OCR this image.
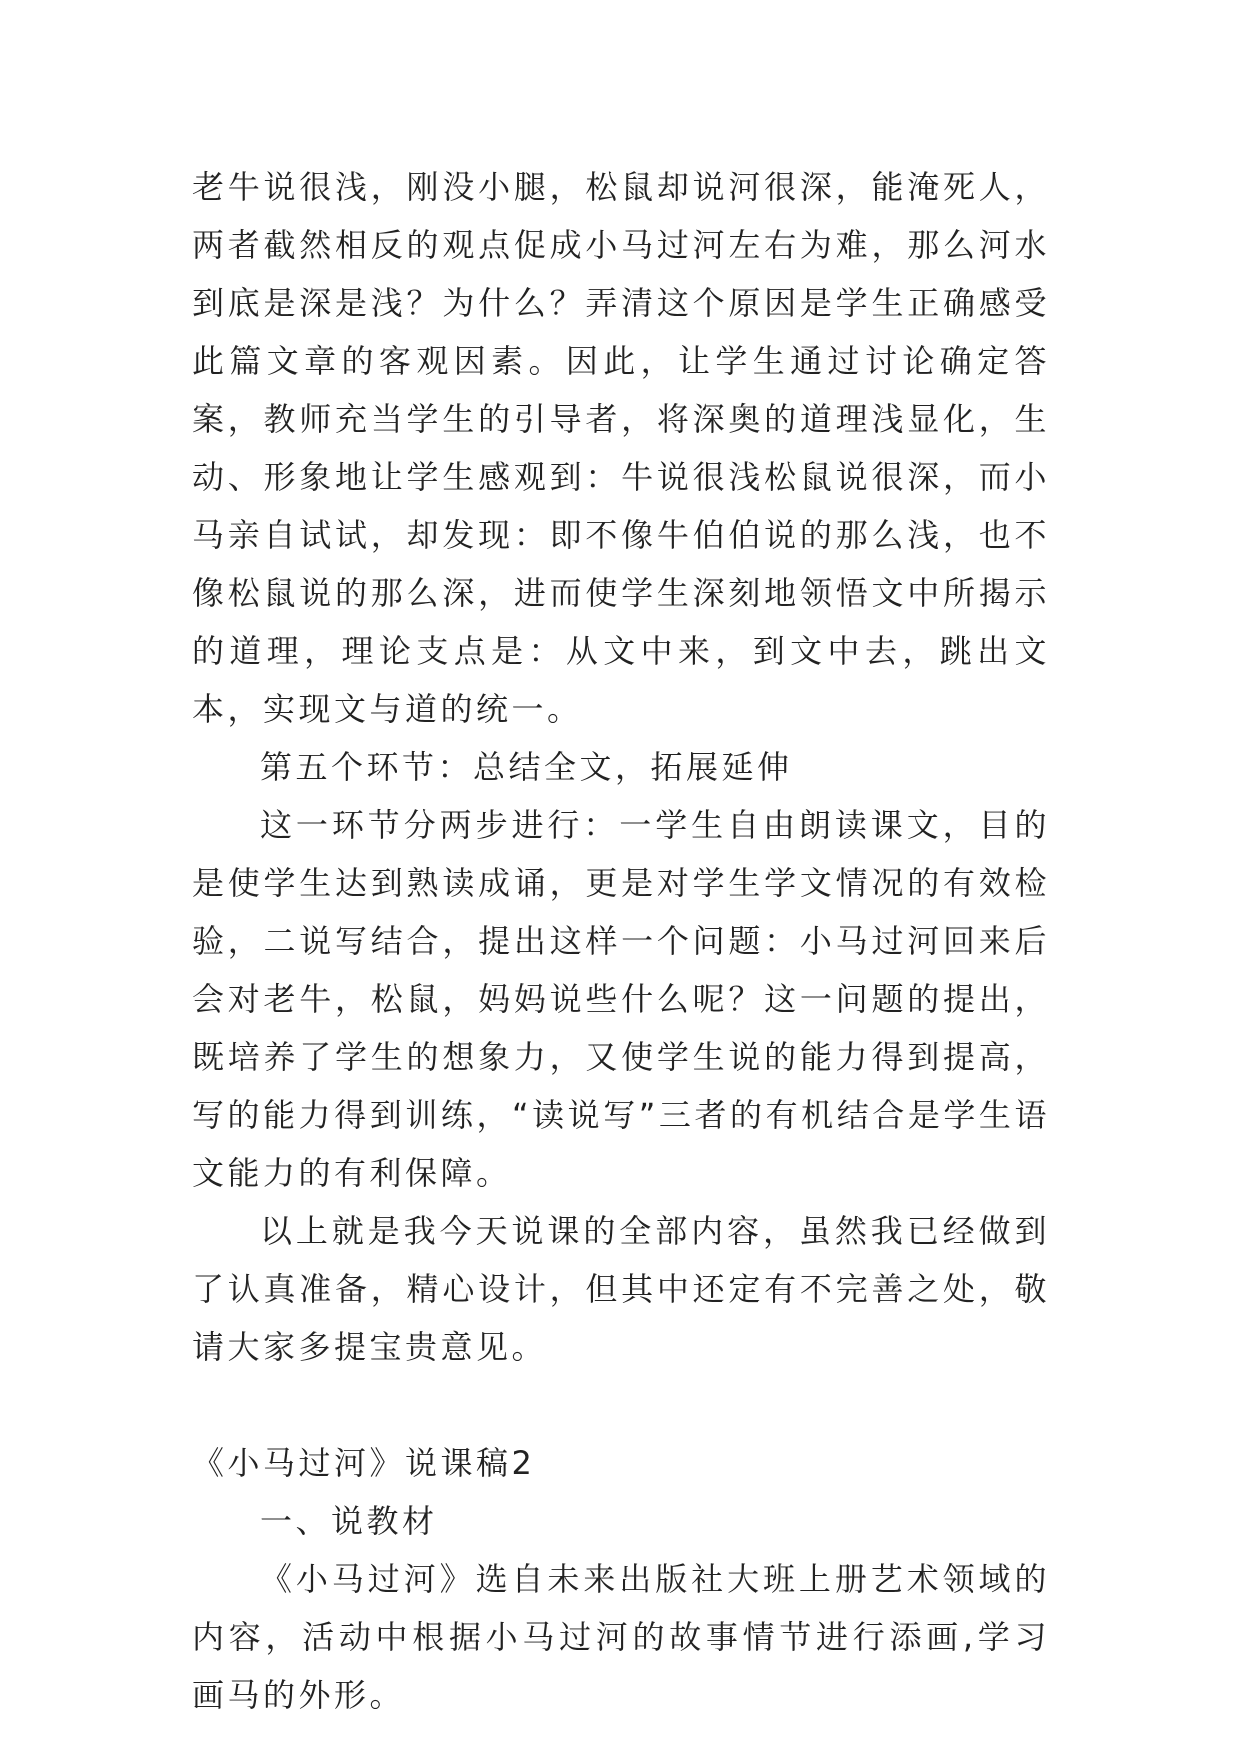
老牛说很浅，刚没小腿，松鼠却说河很深，能淹死人，两者截然相反的观点促成小马过河左右为难，那么河水到底是深是浅？为什么？弄清这个原因是学生正确感受此篇文章的客观因素。因此，让学生通过讨论确定答案，教师充当学生的引导者，将深奥的道理浅显化，生动、形象地让学生感观到：牛说很浅松鼠说很深，而小马亲自试试，却发现：即不像牛伯伯说的那么浅，也不像松鼠说的那么深，进而使学生深刻地领悟文中所揭示的道理，理论支点是：从文中来，到文中去，跳出文本，实现文与道的统一。

第五个环节：总结全文，拓展延伸

这一环节分两步进行：一学生自由朗读课文，目的是使学生达到熟读成诵，更是对学生学文情况的有效检验，二说写结合，提出这样一个问题：小马过河回来后会对老牛，松鼠，妈妈说些什么呢？这一问题的提出，既培养了学生的想象力，又使学生说的能力得到提高，写的能力得到训练，“读说写”三者的有机结合是学生语文能力的有利保障。

以上就是我今天说课的全部内容，虽然我已经做到了认真准备，精心设计，但其中还定有不完善之处，敬请大家多提宝贵意见。

《小马过河》说课稿2

一、说教材

《小马过河》选自未来出版社大班上册艺术领域的内容，活动中根据小马过河的故事情节进行添画,学习画马的外形。
